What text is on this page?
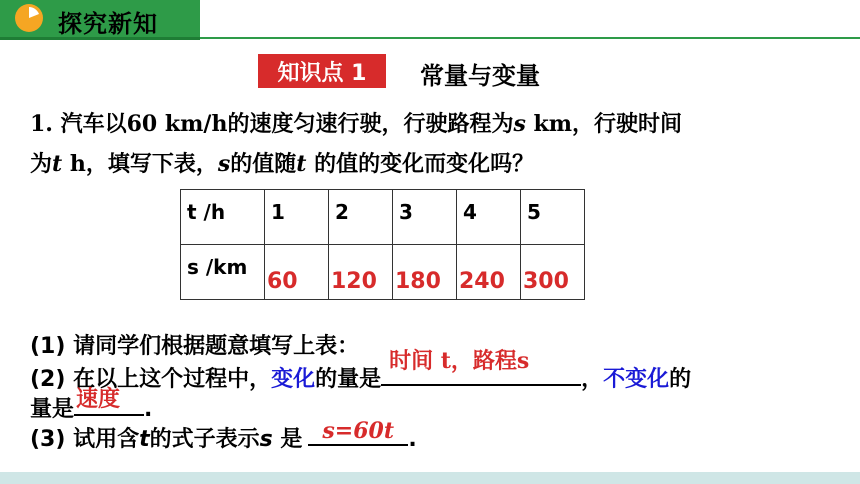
探究新知
知识点 1	常量与变量
1. 汽车以60 km/h的速度匀速行驶，行驶路程为s km，行驶时间
为t h，填写下表，s的值随t 的值的变化而变化吗？
t /h	1	2	3	4	5
s /km	60	120	180	240	300
(1) 请同学们根据题意填写上表：
(2) 在以上这个过程中，变化的量是
时间 t，路程s
，不变化的
量是 速度 .
(3) 试用含t的式子表示s 是 s=60t .
